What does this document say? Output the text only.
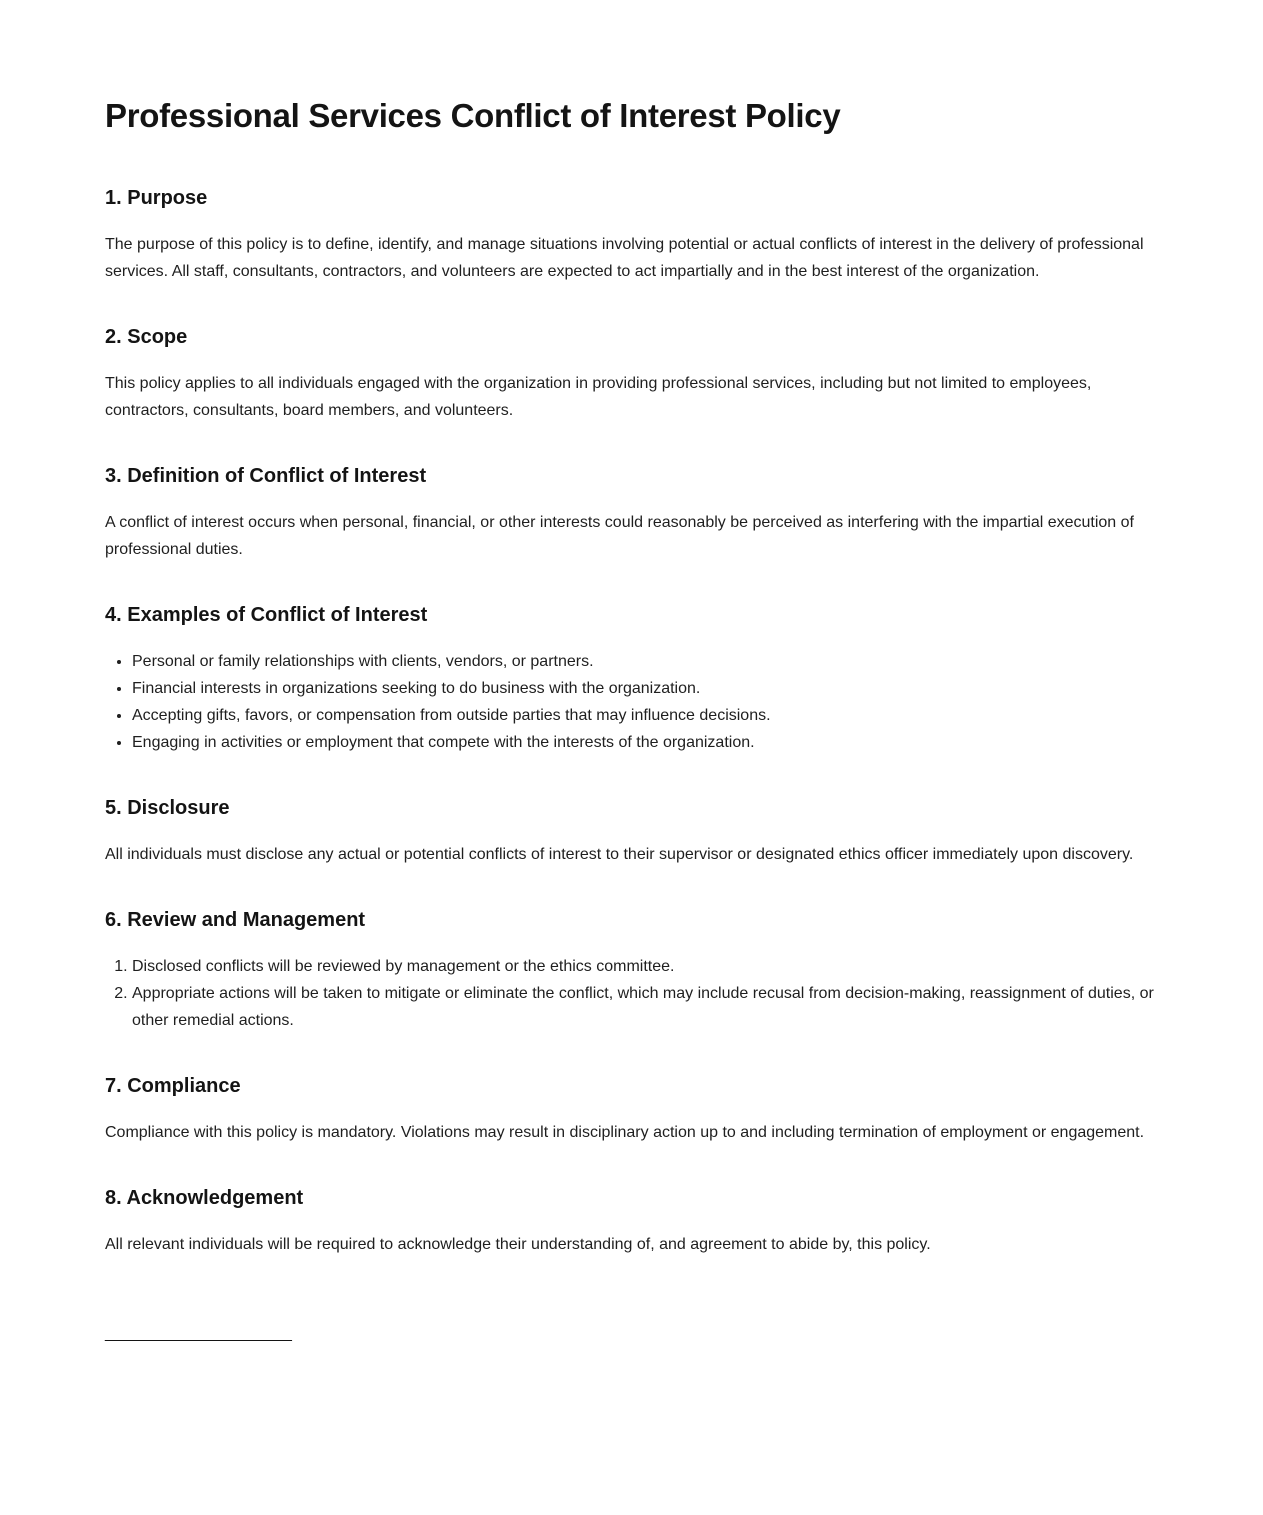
Professional Services Conflict of Interest Policy
1. Purpose

The purpose of this policy is to define, identify, and manage situations involving potential or actual conflicts of interest in the delivery of professional services. All staff, consultants, contractors, and volunteers are expected to act impartially and in the best interest of the organization.

2. Scope

This policy applies to all individuals engaged with the organization in providing professional services, including but not limited to employees, contractors, consultants, board members, and volunteers.

3. Definition of Conflict of Interest

A conflict of interest occurs when personal, financial, or other interests could reasonably be perceived as interfering with the impartial execution of professional duties.

4. Examples of Conflict of Interest
• Personal or family relationships with clients, vendors, or partners.
• Financial interests in organizations seeking to do business with the organization.
• Accepting gifts, favors, or compensation from outside parties that may influence decisions.
• Engaging in activities or employment that compete with the interests of the organization.
5. Disclosure

All individuals must disclose any actual or potential conflicts of interest to their supervisor or designated ethics officer immediately upon discovery.

6. Review and Management
1. Disclosed conflicts will be reviewed by management or the ethics committee.
2. Appropriate actions will be taken to mitigate or eliminate the conflict, which may include recusal from decision-making, reassignment of duties, or other remedial actions.
7. Compliance

Compliance with this policy is mandatory. Violations may result in disciplinary action up to and including termination of employment or engagement.

8. Acknowledgement

All relevant individuals will be required to acknowledge their understanding of, and agreement to abide by, this policy.

_____________________
